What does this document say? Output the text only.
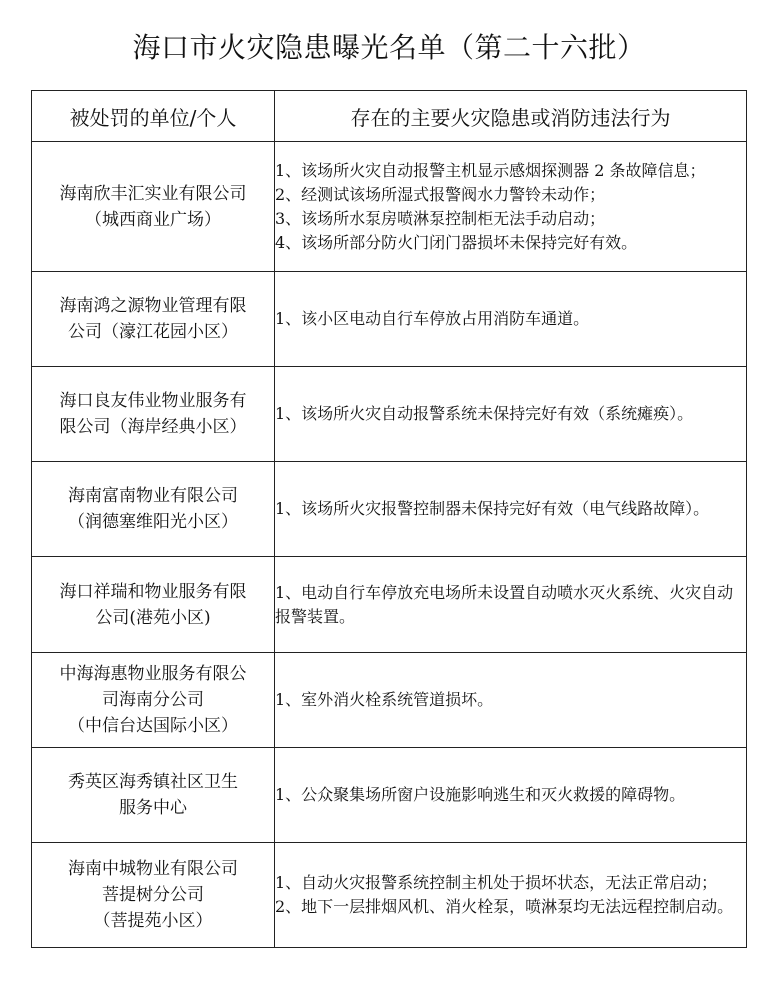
海口市火灾隐患曝光名单（第二十六批）
被处罚的单位/个人	存在的主要火灾隐患或消防违法行为

海南欣丰汇实业有限公司
（城西商业广场）	1、该场所火灾自动报警主机显示感烟探测器 2 条故障信息；
2、经测试该场所湿式报警阀水力警铃未动作；
3、该场所水泵房喷淋泵控制柜无法手动启动；
4、该场所部分防火门闭门器损坏未保持完好有效。

海南鸿之源物业管理有限
公司（濠江花园小区）	1、该小区电动自行车停放占用消防车通道。

海口良友伟业物业服务有
限公司（海岸经典小区）	1、该场所火灾自动报警系统未保持完好有效（系统瘫痪）。

海南富南物业有限公司
（润德塞维阳光小区）	1、该场所火灾报警控制器未保持完好有效（电气线路故障）。

海口祥瑞和物业服务有限
公司(港苑小区)	1、电动自行车停放充电场所未设置自动喷水灭火系统、火灾自动报警装置。

中海海惠物业服务有限公
司海南分公司
（中信台达国际小区）	1、室外消火栓系统管道损坏。

秀英区海秀镇社区卫生
服务中心	1、公众聚集场所窗户设施影响逃生和灭火救援的障碍物。

海南中城物业有限公司
菩提树分公司
（菩提苑小区）	1、自动火灾报警系统控制主机处于损坏状态，无法正常启动；
2、地下一层排烟风机、消火栓泵，喷淋泵均无法远程控制启动。
